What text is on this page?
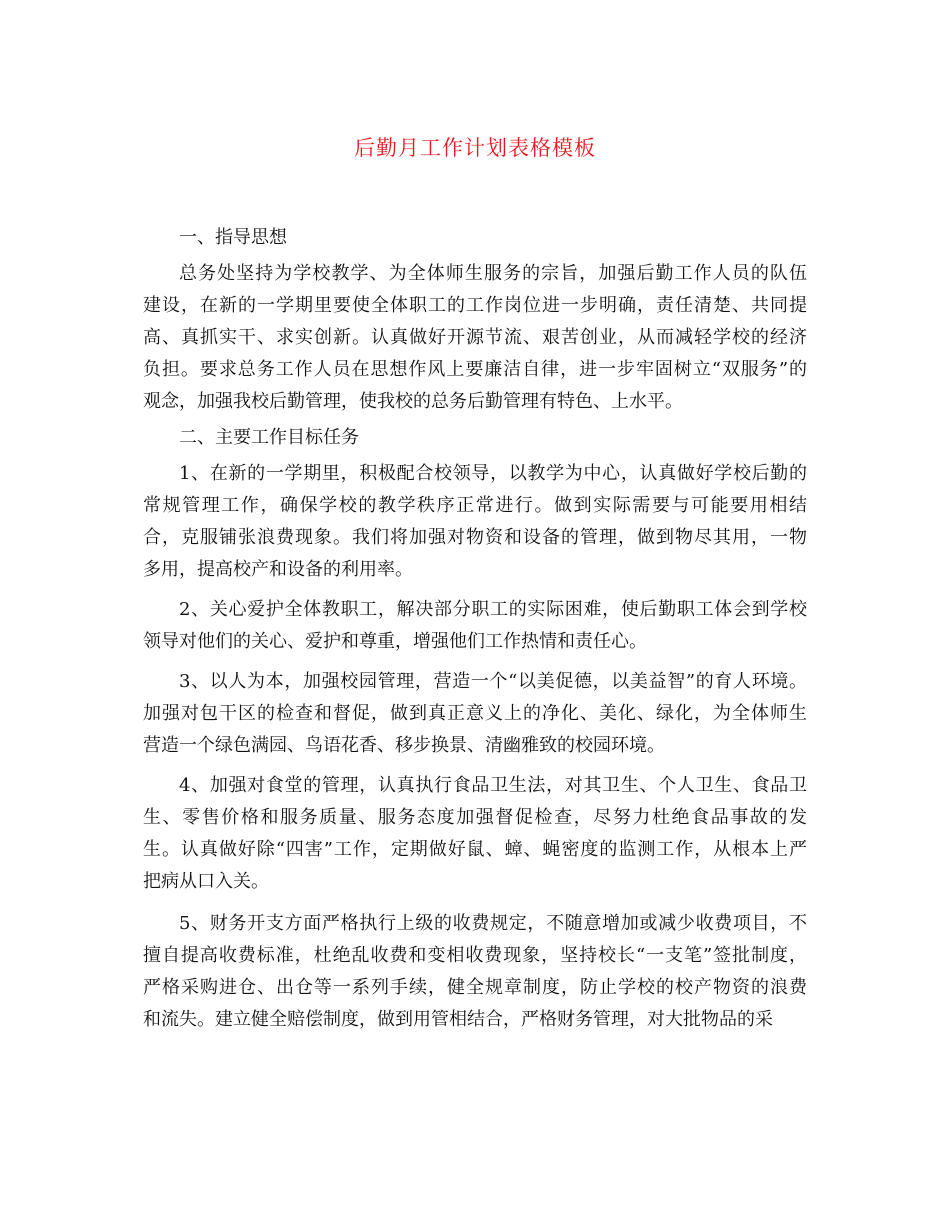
后勤月工作计划表格模板
一、指导思想
总务处坚持为学校教学、为全体师生服务的宗旨，加强后勤工作人员的队伍
建设，在新的一学期里要使全体职工的工作岗位进一步明确，责任清楚、共同提
高、真抓实干、求实创新。认真做好开源节流、艰苦创业，从而减轻学校的经济
负担。要求总务工作人员在思想作风上要廉洁自律，进一步牢固树立“双服务”的
观念，加强我校后勤管理，使我校的总务后勤管理有特色、上水平。
二、主要工作目标任务
1、在新的一学期里，积极配合校领导，以教学为中心，认真做好学校后勤的
常规管理工作，确保学校的教学秩序正常进行。做到实际需要与可能要用相结
合，克服铺张浪费现象。我们将加强对物资和设备的管理，做到物尽其用，一物
多用，提高校产和设备的利用率。
2、关心爱护全体教职工，解决部分职工的实际困难，使后勤职工体会到学校
领导对他们的关心、爱护和尊重，增强他们工作热情和责任心。
3、以人为本，加强校园管理，营造一个“以美促德，以美益智”的育人环境。
加强对包干区的检查和督促，做到真正意义上的净化、美化、绿化，为全体师生
营造一个绿色满园、鸟语花香、移步换景、清幽雅致的校园环境。
4、加强对食堂的管理，认真执行食品卫生法，对其卫生、个人卫生、食品卫
生、零售价格和服务质量、服务态度加强督促检查，尽努力杜绝食品事故的发
生。认真做好除“四害”工作，定期做好鼠、蟑、蝇密度的监测工作，从根本上严
把病从口入关。
5、财务开支方面严格执行上级的收费规定，不随意增加或减少收费项目，不
擅自提高收费标准，杜绝乱收费和变相收费现象，坚持校长“一支笔”签批制度，
严格采购进仓、出仓等一系列手续，健全规章制度，防止学校的校产物资的浪费
和流失。建立健全赔偿制度，做到用管相结合，严格财务管理，对大批物品的采
